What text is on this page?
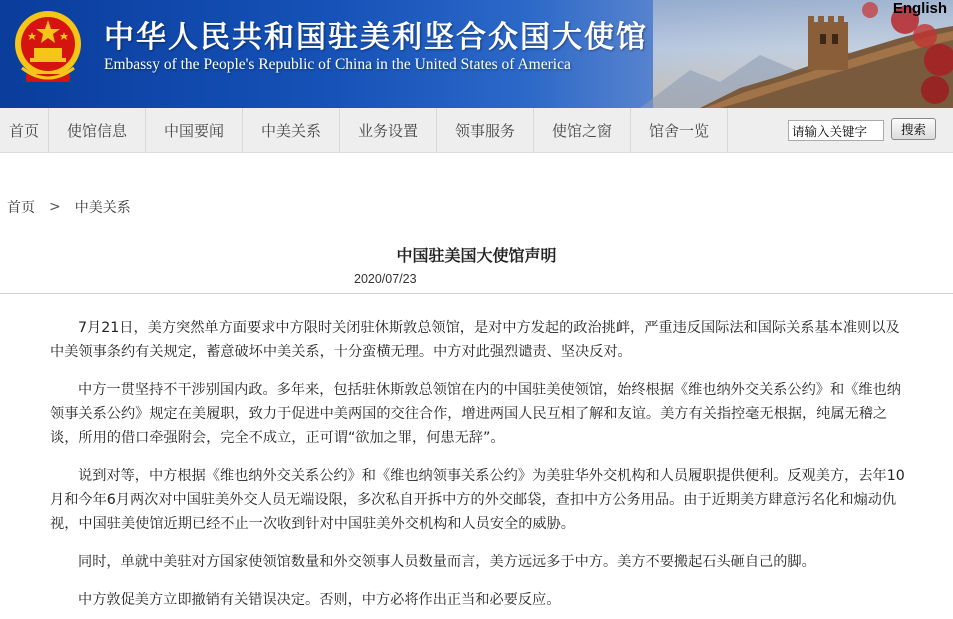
中华人民共和国驻美利坚合众国大使馆
Embassy of the People's Republic of China in the United States of America
English
首页	使馆信息	中国要闻	中美关系	业务设置	领事服务	使馆之窗	馆舍一览
请输入关键字	搜索
首页 > 中美关系
中国驻美国大使馆声明
2020/07/23

7月21日，美方突然单方面要求中方限时关闭驻休斯敦总领馆，是对中方发起的政治挑衅，严重违反国际法和国际关系基本准则以及中美领事条约有关规定，蓄意破坏中美关系，十分蛮横无理。中方对此强烈谴责、坚决反对。

中方一贯坚持不干涉别国内政。多年来，包括驻休斯敦总领馆在内的中国驻美使领馆，始终根据《维也纳外交关系公约》和《维也纳领事关系公约》规定在美履职，致力于促进中美两国的交往合作，增进两国人民互相了解和友谊。美方有关指控毫无根据，纯属无稽之谈，所用的借口牵强附会，完全不成立，正可谓“欲加之罪，何患无辞”。

说到对等，中方根据《维也纳外交关系公约》和《维也纳领事关系公约》为美驻华外交机构和人员履职提供便利。反观美方，去年10月和今年6月两次对中国驻美外交人员无端设限，多次私自开拆中方的外交邮袋，查扣中方公务用品。由于近期美方肆意污名化和煽动仇视，中国驻美使馆近期已经不止一次收到针对中国驻美外交机构和人员安全的威胁。

同时，单就中美驻对方国家使领馆数量和外交领事人员数量而言，美方远远多于中方。美方不要搬起石头砸自己的脚。

中方敦促美方立即撤销有关错误决定。否则，中方必将作出正当和必要反应。
